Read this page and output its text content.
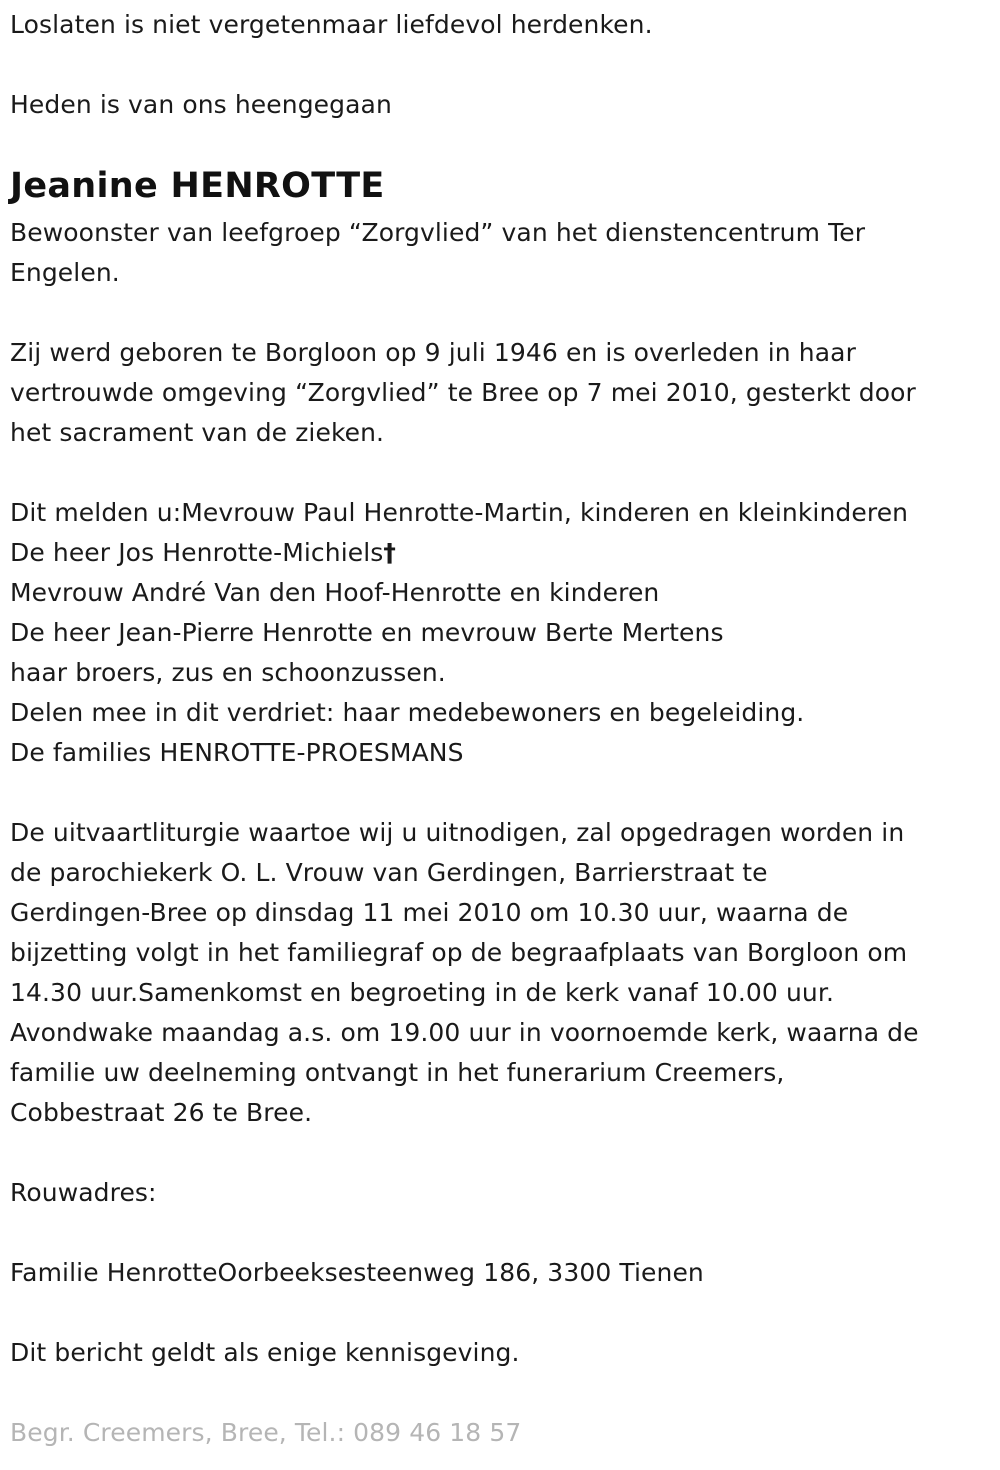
Loslaten is niet vergetenmaar liefdevol herdenken.
Heden is van ons heengegaan
Jeanine HENROTTE
Bewoonster van leefgroep “Zorgvlied” van het dienstencentrum Ter
Engelen.
Zij werd geboren te Borgloon op 9 juli 1946 en is overleden in haar
vertrouwde omgeving “Zorgvlied” te Bree op 7 mei 2010, gesterkt door
het sacrament van de zieken.
Dit melden u:Mevrouw Paul Henrotte-Martin, kinderen en kleinkinderen
De heer Jos Henrotte-Michiels†
Mevrouw André Van den Hoof-Henrotte en kinderen
De heer Jean-Pierre Henrotte en mevrouw Berte Mertens
haar broers, zus en schoonzussen.
Delen mee in dit verdriet: haar medebewoners en begeleiding.
De families HENROTTE-PROESMANS
De uitvaartliturgie waartoe wij u uitnodigen, zal opgedragen worden in
de parochiekerk O. L. Vrouw van Gerdingen, Barrierstraat te
Gerdingen-Bree op dinsdag 11 mei 2010 om 10.30 uur, waarna de
bijzetting volgt in het familiegraf op de begraafplaats van Borgloon om
14.30 uur.Samenkomst en begroeting in de kerk vanaf 10.00 uur.
Avondwake maandag a.s. om 19.00 uur in voornoemde kerk, waarna de
familie uw deelneming ontvangt in het funerarium Creemers,
Cobbestraat 26 te Bree.
Rouwadres:
Familie HenrotteOorbeeksesteenweg 186, 3300 Tienen
Dit bericht geldt als enige kennisgeving.
Begr. Creemers, Bree, Tel.: 089 46 18 57
